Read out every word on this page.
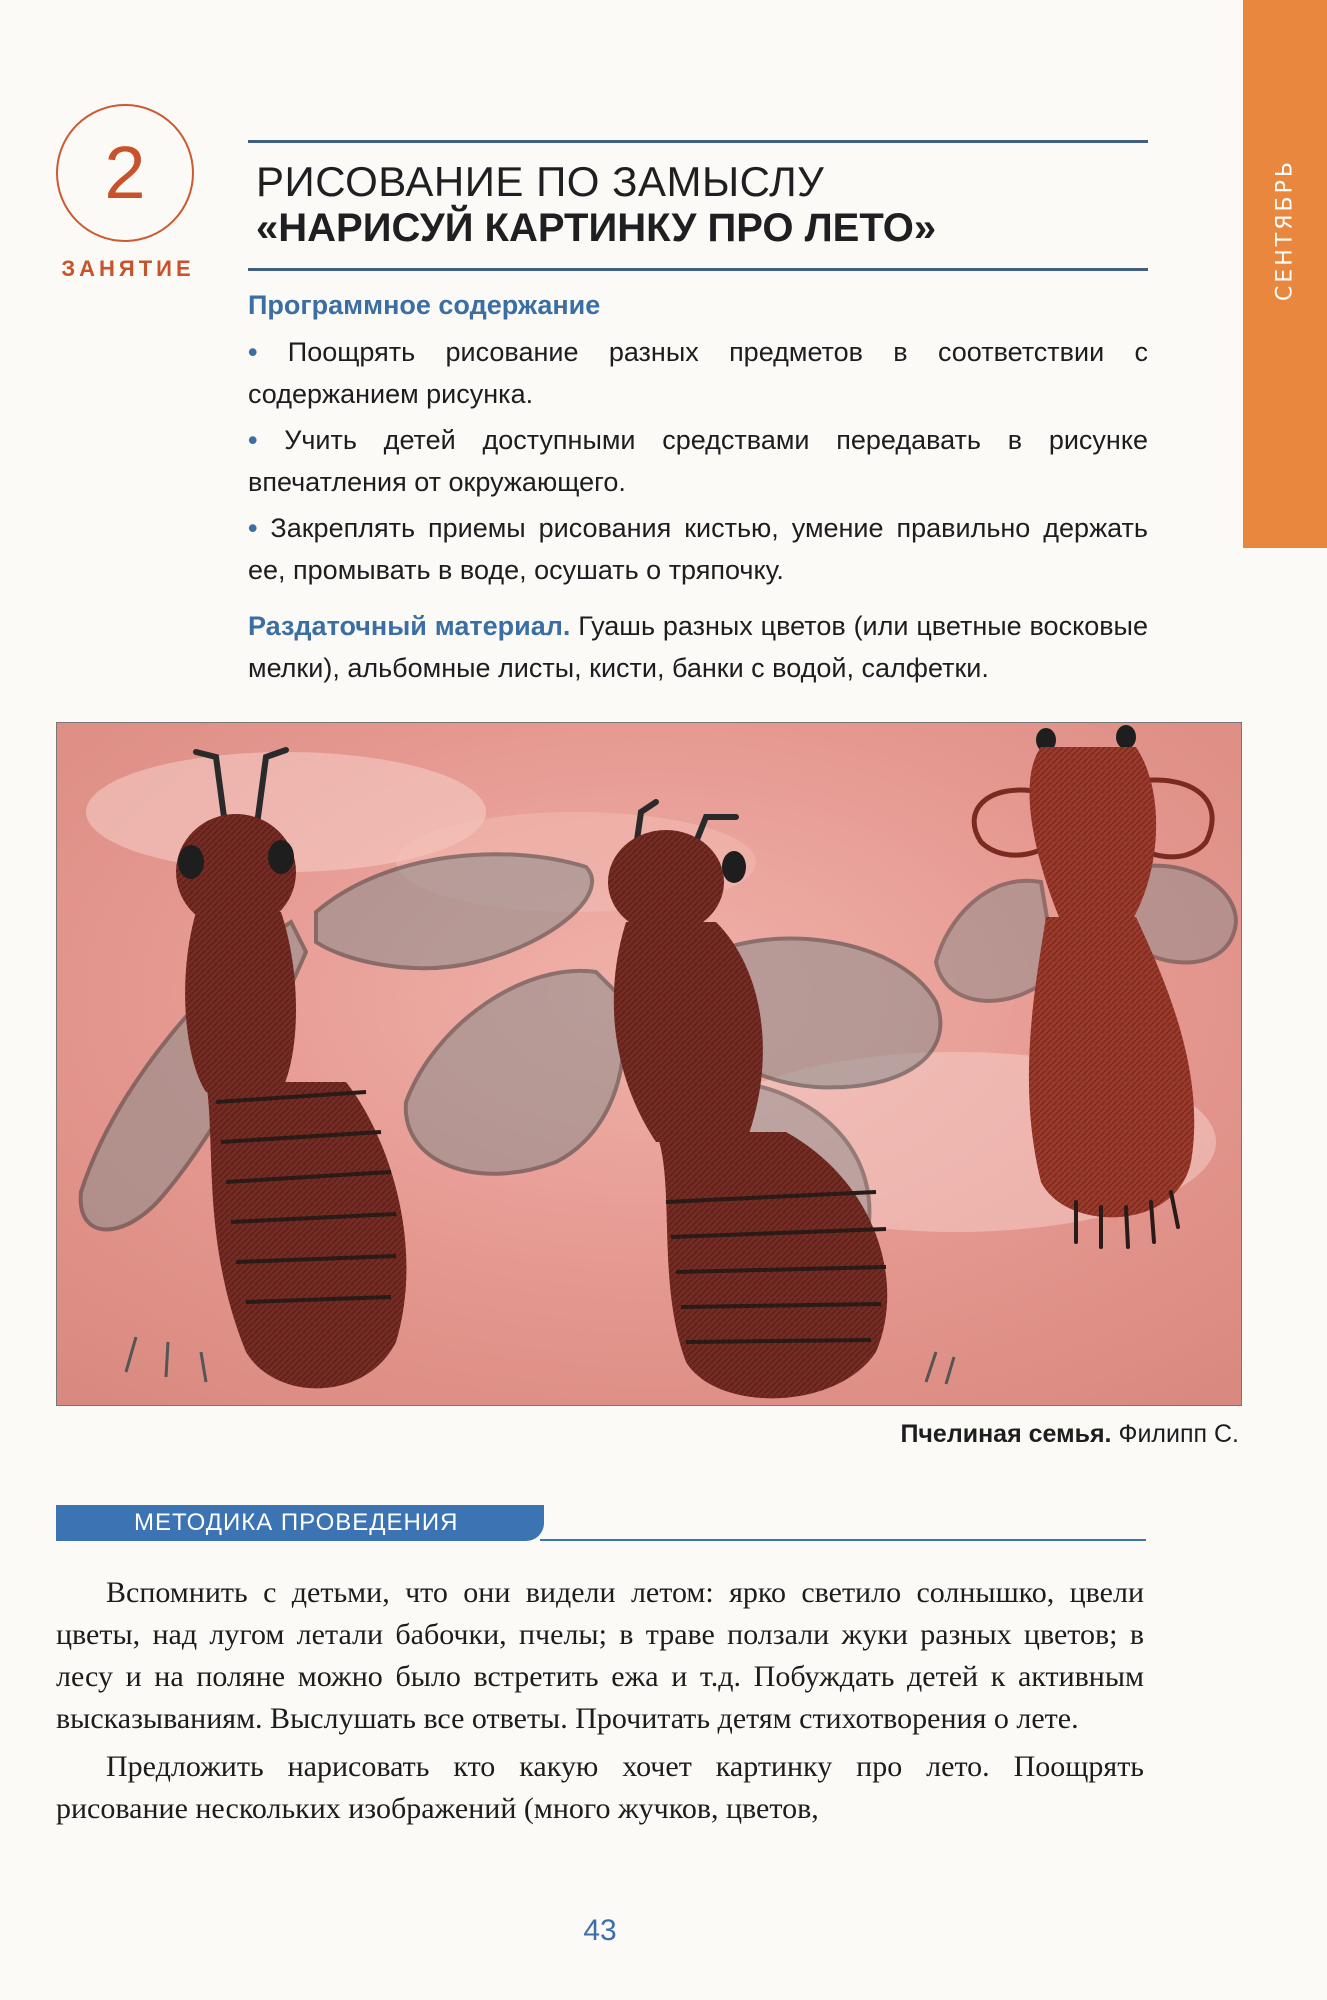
СЕНТЯБРЬ
2
ЗАНЯТИЕ
РИСОВАНИЕ ПО ЗАМЫСЛУ
«НАРИСУЙ КАРТИНКУ ПРО ЛЕТО»
Программное содержание
• Поощрять рисование разных предметов в соответствии с содержанием рисунка.
• Учить детей доступными средствами передавать в рисунке впечатления от окружающего.
• Закреплять приемы рисования кистью, умение правильно держать ее, промывать в воде, осушать о тряпочку.
Раздаточный материал. Гуашь разных цветов (или цветные восковые мелки), альбомные листы, кисти, банки с водой, салфетки.
Пчелиная семья. Филипп С.
МЕТОДИКА ПРОВЕДЕНИЯ

Вспомнить с детьми, что они видели летом: ярко светило солнышко, цвели цветы, над лугом летали бабочки, пчелы; в траве ползали жуки разных цветов; в лесу и на поляне можно было встретить ежа и т.д. Побуждать детей к активным высказываниям. Выслушать все ответы. Прочитать детям стихотворения о лете.

Предложить нарисовать кто какую хочет картинку про лето. Поощрять рисование нескольких изображений (много жучков, цветов,

43
